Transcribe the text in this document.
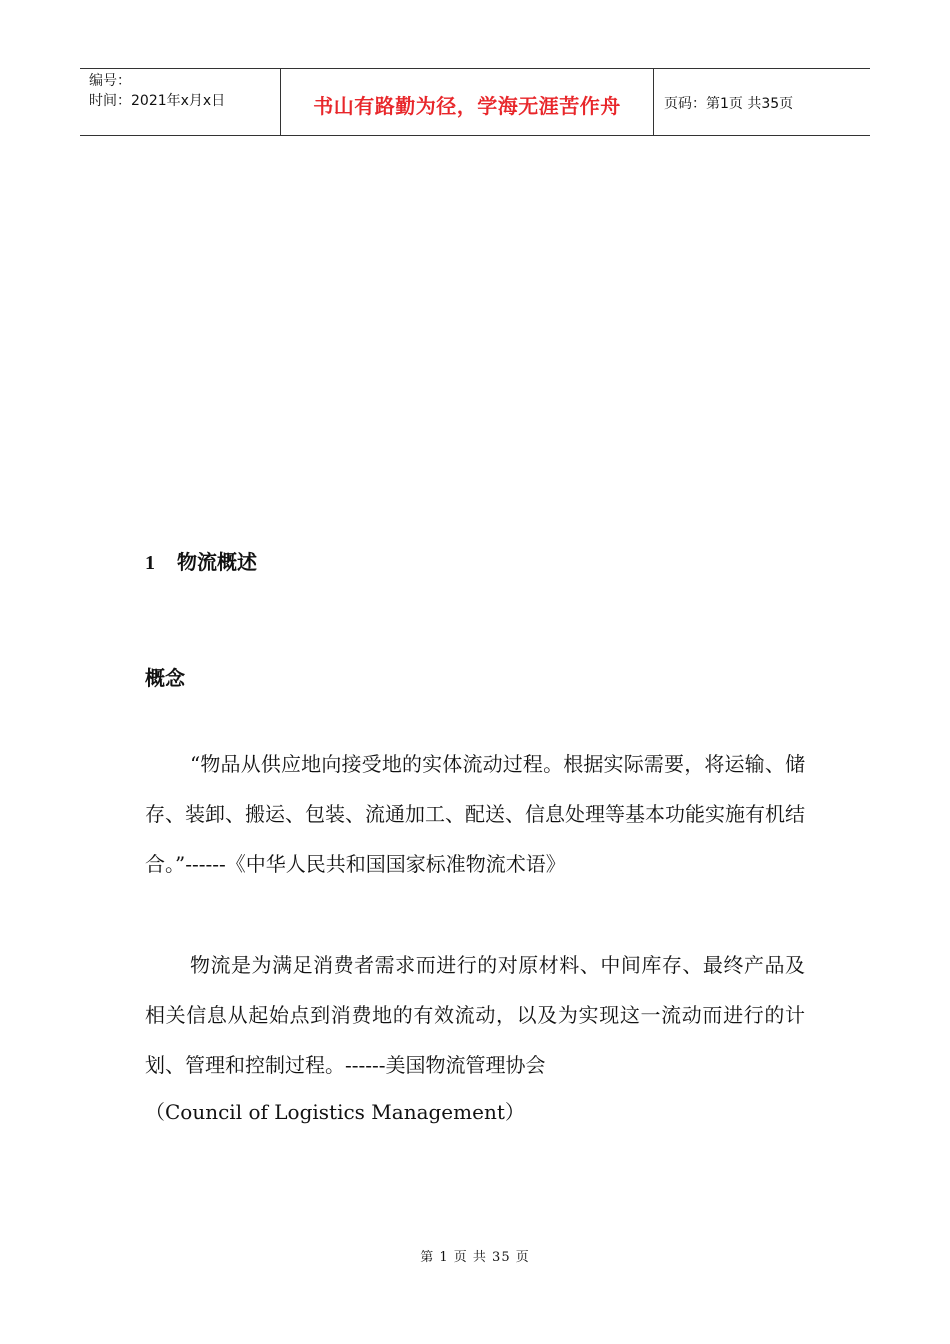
编号：
时间：2021年x月x日	书山有路勤为径，学海无涯苦作舟	页码：第1页 共35页
1 物流概述
概念

“物品从供应地向接受地的实体流动过程。根据实际需要，将运输、储存、装卸、搬运、包装、流通加工、配送、信息处理等基本功能实施有机结合。”------《中华人民共和国国家标准物流术语》

物流是为满足消费者需求而进行的对原材料、中间库存、最终产品及相关信息从起始点到消费地的有效流动，以及为实现这一流动而进行的计划、管理和控制过程。------美国物流管理协会

（Council of Logistics Management）

第 1 页 共 35 页
